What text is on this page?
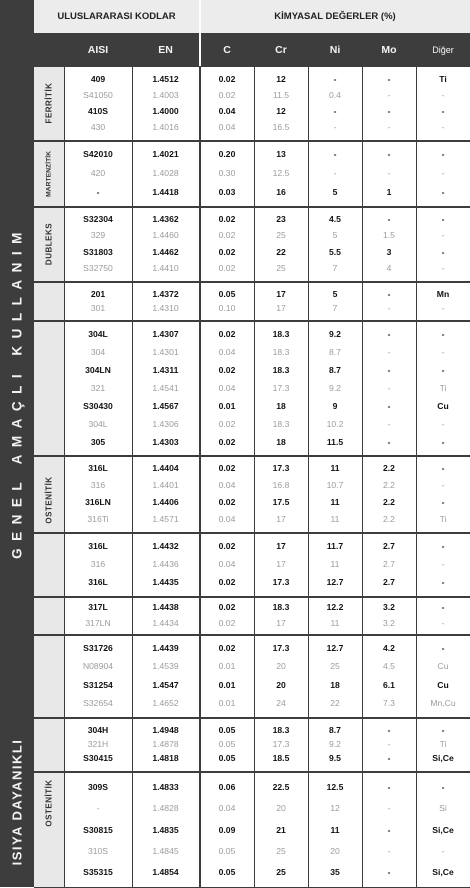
ULUSLARARASI KODLAR	KİMYASAL DEĞERLER (%)
AISI	EN	C	Cr	Ni	Mo	Diğer
GENEL AMAÇLI KULLANIM
ISIYA DAYANIKLI
FERRİTİK
MARTENZİTİK
DUBLEKS
OSTENİTİK
OSTENİTİK
409	1.4512	0.02	12	-	-	Ti
S41050	1.4003	0.02	11.5	0.4	-	-
410S	1.4000	0.04	12	-	-	-
430	1.4016	0.04	16.5	-	-	-
S42010	1.4021	0.20	13	-	-	-
420	1.4028	0.30	12.5	-	-	-
-	1.4418	0.03	16	5	1	-
S32304	1.4362	0.02	23	4.5	-	-
329	1.4460	0.02	25	5	1.5	-
S31803	1.4462	0.02	22	5.5	3	-
S32750	1.4410	0.02	25	7	4	-
201	1.4372	0.05	17	5	-	Mn
301	1.4310	0.10	17	7	-	-
304L	1.4307	0.02	18.3	9.2	-	-
304	1.4301	0.04	18.3	8.7	-	-
304LN	1.4311	0.02	18.3	8.7	-	-
321	1.4541	0.04	17.3	9.2	-	Ti
S30430	1.4567	0.01	18	9	-	Cu
304L	1.4306	0.02	18.3	10.2	-	-
305	1.4303	0.02	18	11.5	-	-
316L	1.4404	0.02	17.3	11	2.2	-
316	1.4401	0.04	16.8	10.7	2.2	-
316LN	1.4406	0.02	17.5	11	2.2	-
316Ti	1.4571	0.04	17	11	2.2	Ti
316L	1.4432	0.02	17	11.7	2.7	-
316	1.4436	0.04	17	11	2.7	-
316L	1.4435	0.02	17.3	12.7	2.7	-
317L	1.4438	0.02	18.3	12.2	3.2	-
317LN	1.4434	0.02	17	11	3.2	-
S31726	1.4439	0.02	17.3	12.7	4.2	-
N08904	1.4539	0.01	20	25	4.5	Cu
S31254	1.4547	0.01	20	18	6.1	Cu
S32654	1.4652	0.01	24	22	7.3	Mn,Cu
304H	1.4948	0.05	18.3	8.7	-	-
321H	1.4878	0.05	17.3	9.2	-	Ti
S30415	1.4818	0.05	18.5	9.5	-	Si,Ce
309S	1.4833	0.06	22.5	12.5	-	-
-	1.4828	0.04	20	12	-	Si
S30815	1.4835	0.09	21	11	-	Si,Ce
310S	1.4845	0.05	25	20	-	-
S35315	1.4854	0.05	25	35	-	Si,Ce
